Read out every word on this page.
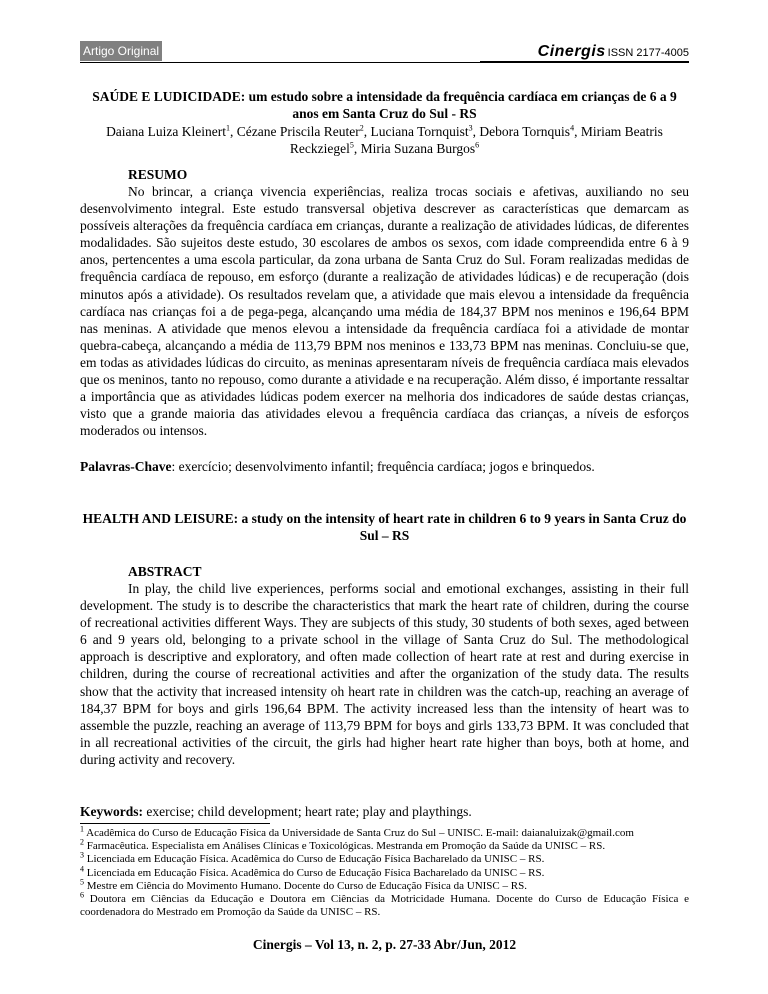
Artigo Original	Cinergis ISSN 2177-4005
SAÚDE E LUDICIDADE: um estudo sobre a intensidade da frequência cardíaca em crianças de 6 a 9 anos em Santa Cruz do Sul - RS
Daiana Luiza Kleinert$^1$, Cézane Priscila Reuter$^2$, Luciana Tornquist$^3$, Debora Tornquis$^4$, Miriam Beatris Reckziegel$^5$, Miria Suzana Burgos$^6$
RESUMO
No brincar, a criança vivencia experiências, realiza trocas sociais e afetivas, auxiliando no seu desenvolvimento integral. Este estudo transversal objetiva descrever as características que demarcam as possíveis alterações da frequência cardíaca em crianças, durante a realização de atividades lúdicas, de diferentes modalidades. São sujeitos deste estudo, 30 escolares de ambos os sexos, com idade compreendida entre 6 à 9 anos, pertencentes a uma escola particular, da zona urbana de Santa Cruz do Sul. Foram realizadas medidas de frequência cardíaca de repouso, em esforço (durante a realização de atividades lúdicas) e de recuperação (dois minutos após a atividade). Os resultados revelam que, a atividade que mais elevou a intensidade da frequência cardíaca nas crianças foi a de pega-pega, alcançando uma média de 184,37 BPM nos meninos e 196,64 BPM nas meninas. A atividade que menos elevou a intensidade da frequência cardíaca foi a atividade de montar quebra-cabeça, alcançando a média de 113,79 BPM nos meninos e 133,73 BPM nas meninas. Concluiu-se que, em todas as atividades lúdicas do circuito, as meninas apresentaram níveis de frequência cardíaca mais elevados que os meninos, tanto no repouso, como durante a atividade e na recuperação. Além disso, é importante ressaltar a importância que as atividades lúdicas podem exercer na melhoria dos indicadores de saúde destas crianças, visto que a grande maioria das atividades elevou a frequência cardíaca das crianças, a níveis de esforços moderados ou intensos.
Palavras-Chave: exercício; desenvolvimento infantil; frequência cardíaca; jogos e brinquedos.
HEALTH AND LEISURE: a study on the intensity of heart rate in children 6 to 9 years in Santa Cruz do Sul – RS
ABSTRACT
In play, the child live experiences, performs social and emotional exchanges, assisting in their full development. The study is to describe the characteristics that mark the heart rate of children, during the course of recreational activities different Ways. They are subjects of this study, 30 students of both sexes, aged between 6 and 9 years old, belonging to a private school in the village of Santa Cruz do Sul. The methodological approach is descriptive and exploratory, and often made collection of heart rate at rest and during exercise in children, during the course of recreational activities and after the organization of the study data. The results show that the activity that increased intensity oh heart rate in children was the catch-up, reaching an average of 184,37 BPM for boys and girls 196,64 BPM. The activity increased less than the intensity of heart was to assemble the puzzle, reaching an average of 113,79 BPM for boys and girls 133,73 BPM. It was concluded that in all recreational activities of the circuit, the girls had higher heart rate higher than boys, both at home, and during activity and recovery.
Keywords: exercise; child development; heart rate; play and playthings.

$^1$ Acadêmica do Curso de Educação Física da Universidade de Santa Cruz do Sul – UNISC. E-mail: daianaluizak@gmail.com

$^2$ Farmacêutica. Especialista em Análises Clínicas e Toxicológicas. Mestranda em Promoção da Saúde da UNISC – RS.

$^3$ Licenciada em Educação Física. Acadêmica do Curso de Educação Física Bacharelado da UNISC – RS.

$^4$ Licenciada em Educação Física. Acadêmica do Curso de Educação Física Bacharelado da UNISC – RS.

$^5$ Mestre em Ciência do Movimento Humano. Docente do Curso de Educação Física da UNISC – RS.

$^6$ Doutora em Ciências da Educação e Doutora em Ciências da Motricidade Humana. Docente do Curso de Educação Física e coordenadora do Mestrado em Promoção da Saúde da UNISC – RS.

Cinergis – Vol 13, n. 2, p. 27-33 Abr/Jun, 2012
